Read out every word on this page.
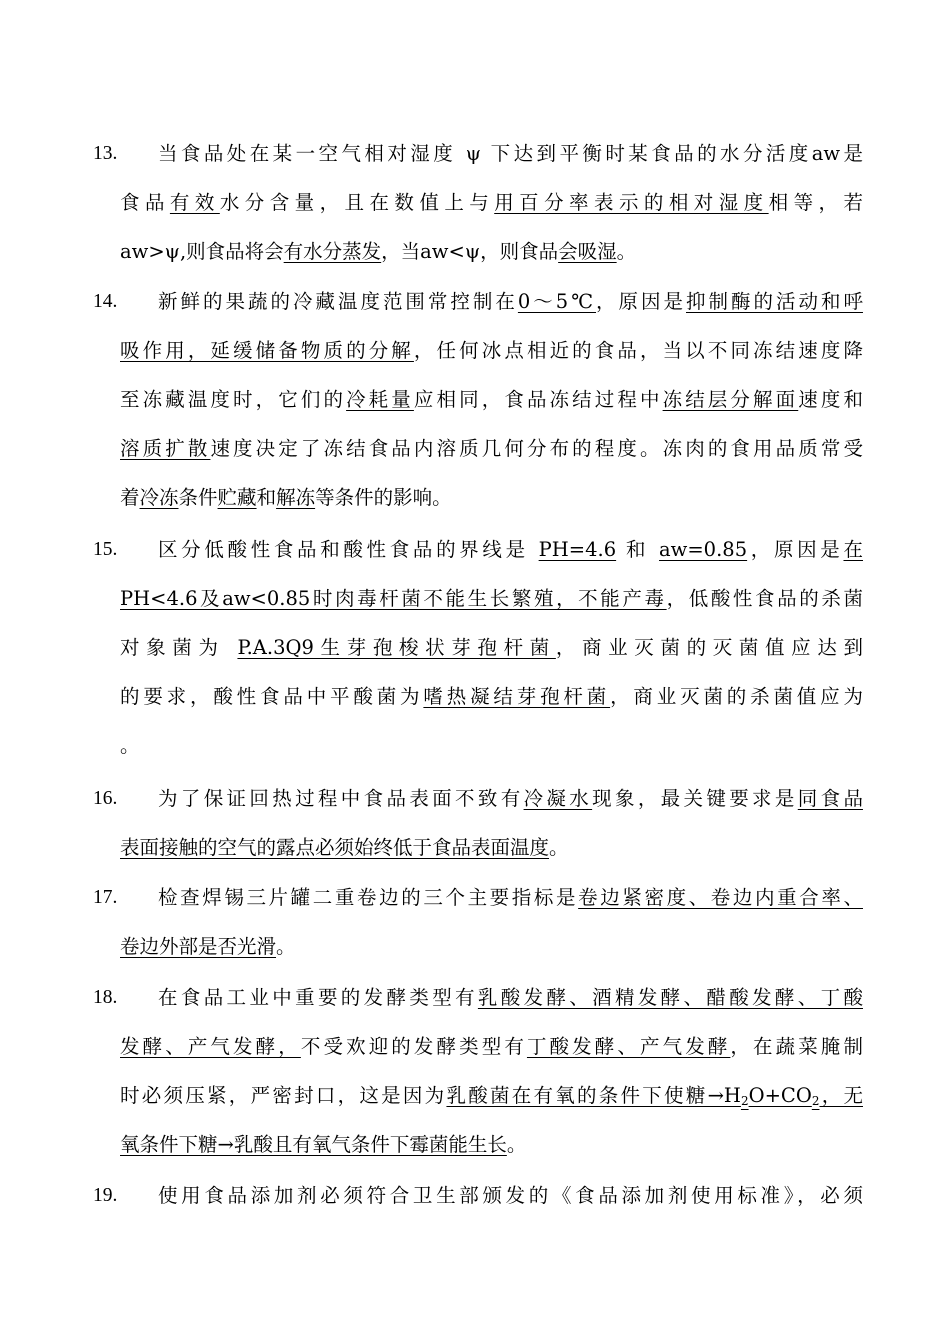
13.	当食品处在某一空气相对湿度 ψ 下达到平衡时某食品的水分活度aw是
食品有效水分含量，且在数值上与用百分率表示的相对湿度相等，若
aw>ψ,则食品将会有水分蒸发，当aw<ψ，则食品会吸湿。
14.	新鲜的果蔬的冷藏温度范围常控制在0～5℃，原因是抑制酶的活动和呼
吸作用，延缓储备物质的分解，任何冰点相近的食品，当以不同冻结速度降
至冻藏温度时，它们的冷耗量应相同，食品冻结过程中冻结层分解面速度和
溶质扩散速度决定了冻结食品内溶质几何分布的程度。冻肉的食用品质常受
着冷冻条件贮藏和解冻等条件的影响。
15.	区分低酸性食品和酸性食品的界线是 PH=4.6 和 aw=0.85，原因是在
PH<4.6及aw<0.85时肉毒杆菌不能生长繁殖，不能产毒，低酸性食品的杀菌
对象菌为 P.A.3Q9生芽孢梭状芽孢杆菌，商业灭菌的灭菌值应达到
的要求，酸性食品中平酸菌为嗜热凝结芽孢杆菌，商业灭菌的杀菌值应为
。
16.	为了保证回热过程中食品表面不致有冷凝水现象，最关键要求是同食品
表面接触的空气的露点必须始终低于食品表面温度。
17.	检查焊锡三片罐二重卷边的三个主要指标是卷边紧密度、卷边内重合率、
卷边外部是否光滑。
18.	在食品工业中重要的发酵类型有乳酸发酵、酒精发酵、醋酸发酵、丁酸
发酵、产气发酵，不受欢迎的发酵类型有丁酸发酵、产气发酵，在蔬菜腌制
时必须压紧，严密封口，这是因为乳酸菌在有氧的条件下使糖$\to H_2O+CO_2$，无
氧条件下糖→乳酸且有氧气条件下霉菌能生长。
19.	使用食品添加剂必须符合卫生部颁发的《食品添加剂使用标准》，必须
